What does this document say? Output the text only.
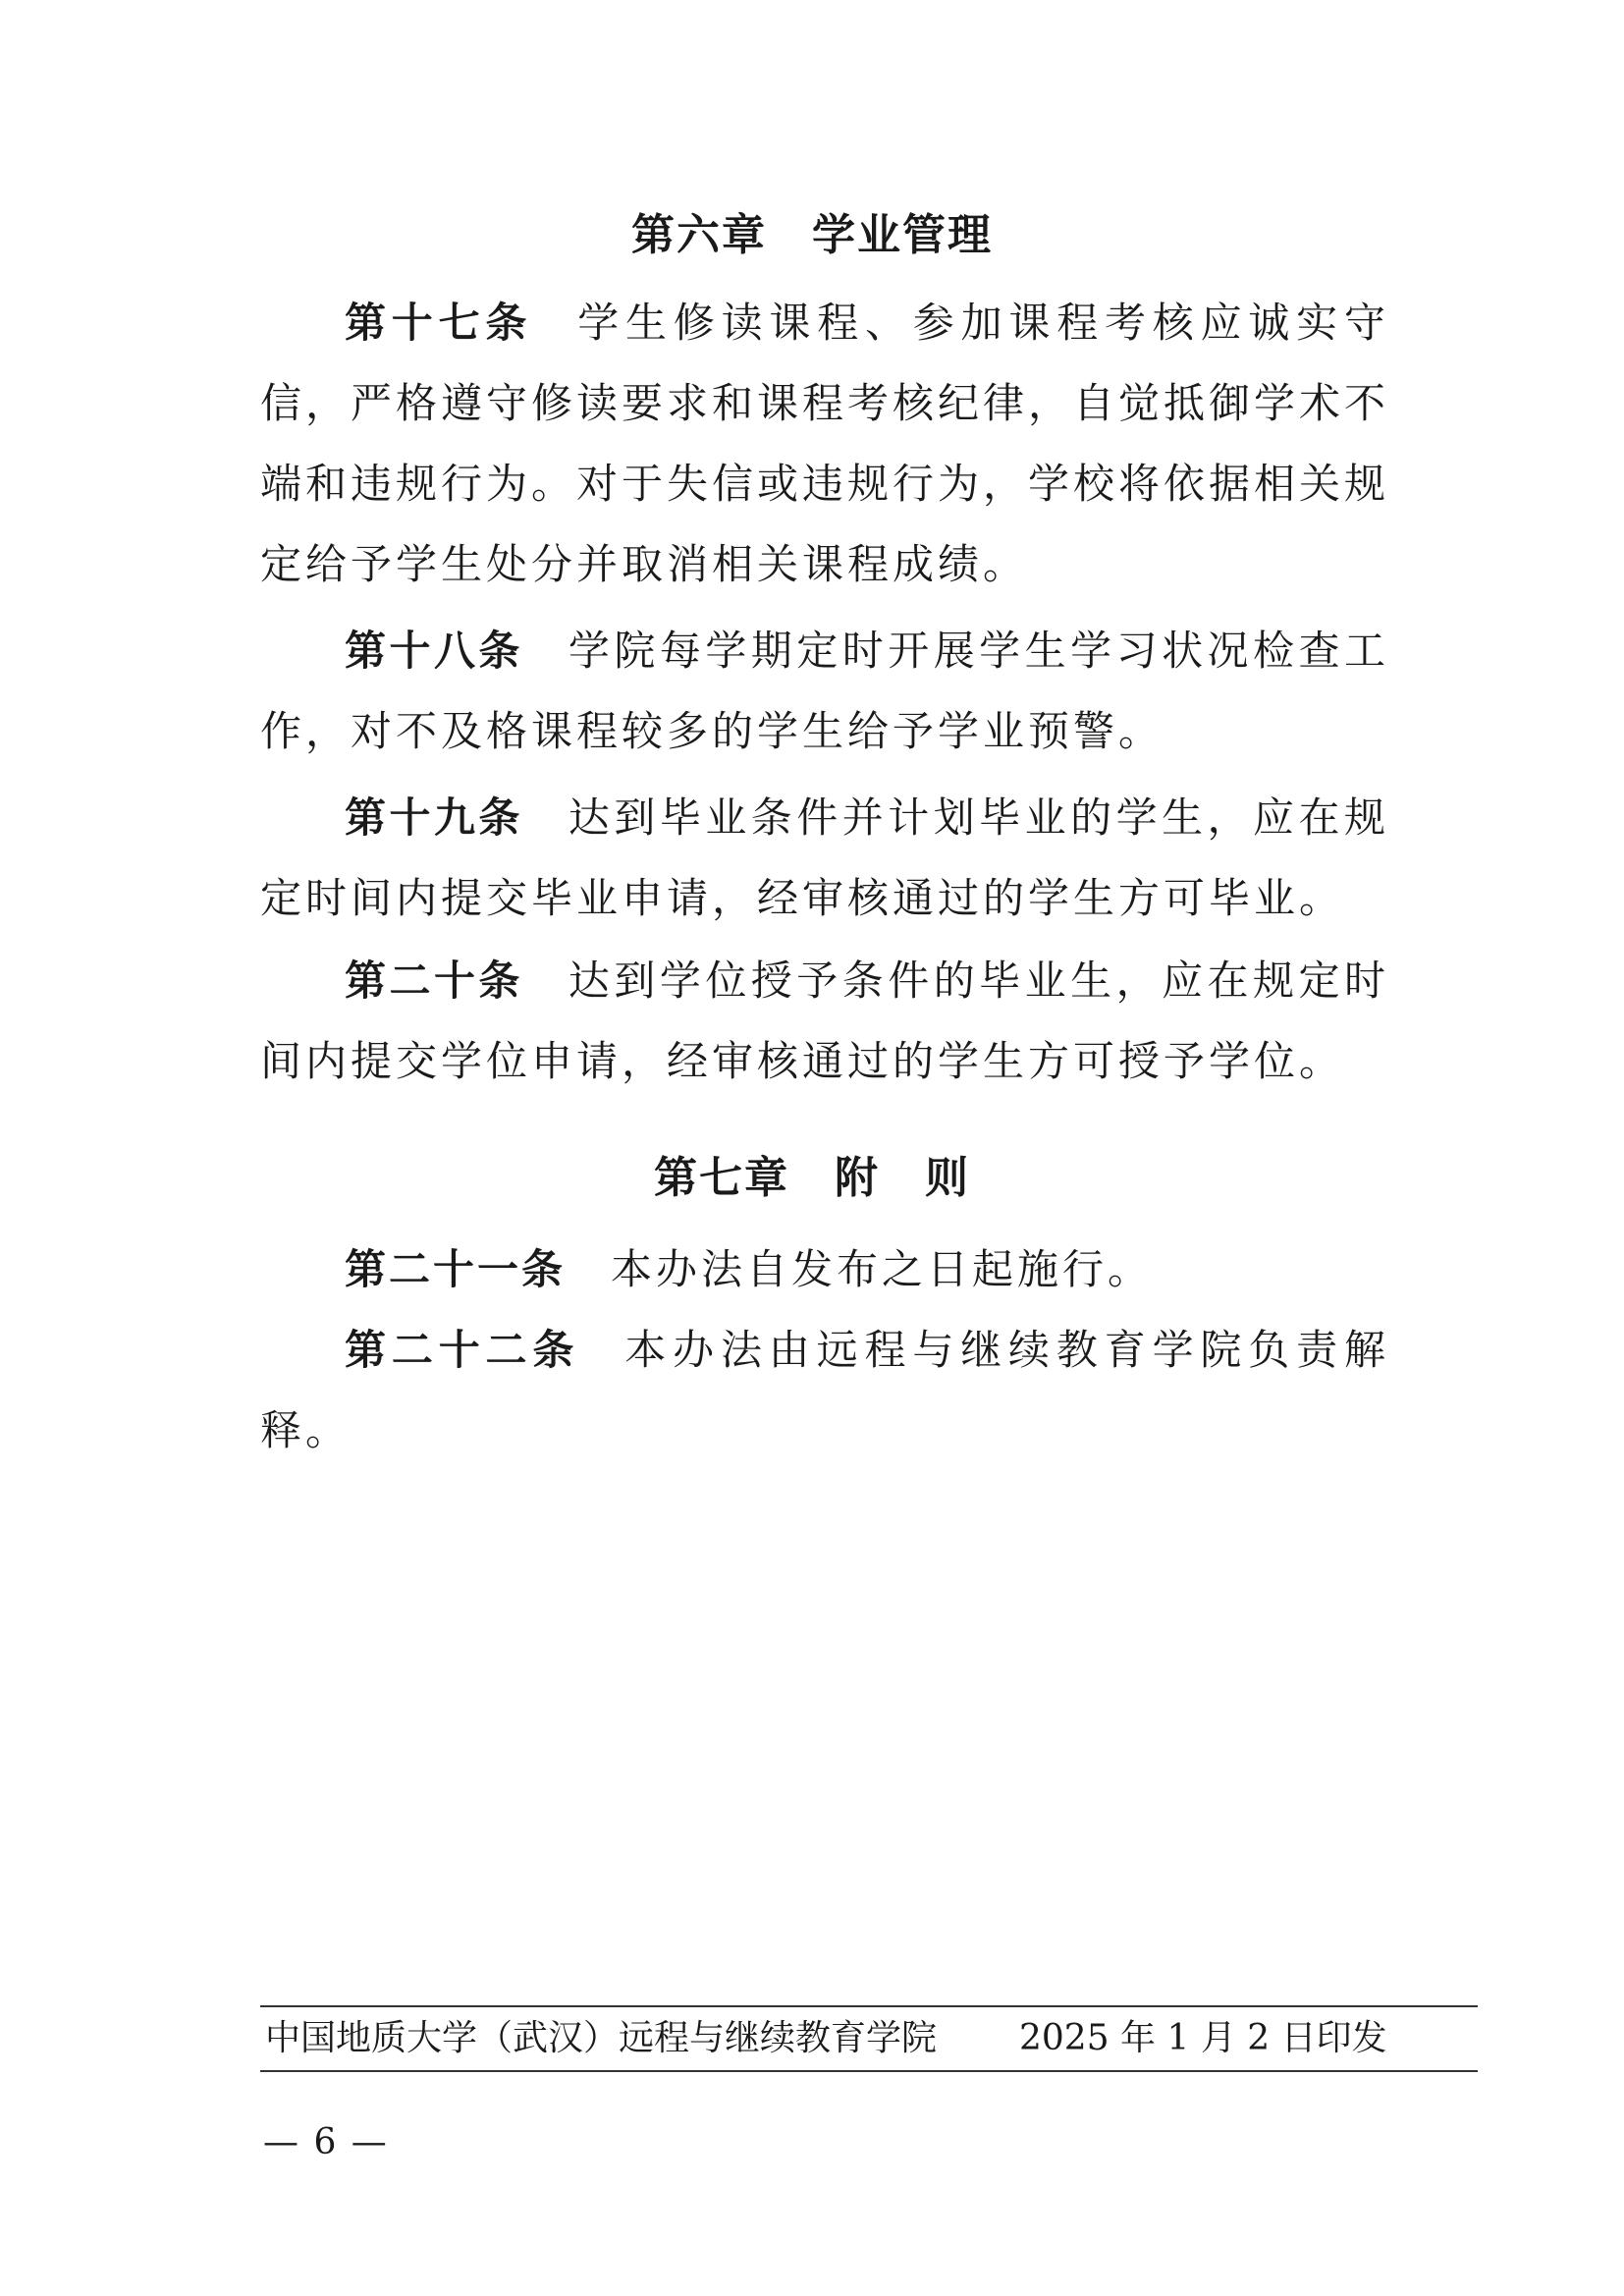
第六章　学业管理
第十七条 学生修读课程、参加课程考核应诚实守信，严格遵守修读要求和课程考核纪律，自觉抵御学术不端和违规行为。对于失信或违规行为，学校将依据相关规定给予学生处分并取消相关课程成绩。
第十八条 学院每学期定时开展学生学习状况检查工作，对不及格课程较多的学生给予学业预警。
第十九条 达到毕业条件并计划毕业的学生，应在规定时间内提交毕业申请，经审核通过的学生方可毕业。
第二十条 达到学位授予条件的毕业生，应在规定时间内提交学位申请，经审核通过的学生方可授予学位。
第七章　附　则
第二十一条 本办法自发布之日起施行。
第二十二条 本办法由远程与继续教育学院负责解释。
中国地质大学（武汉）远程与继续教育学院 2025 年 1 月 2 日印发
— 6 —
